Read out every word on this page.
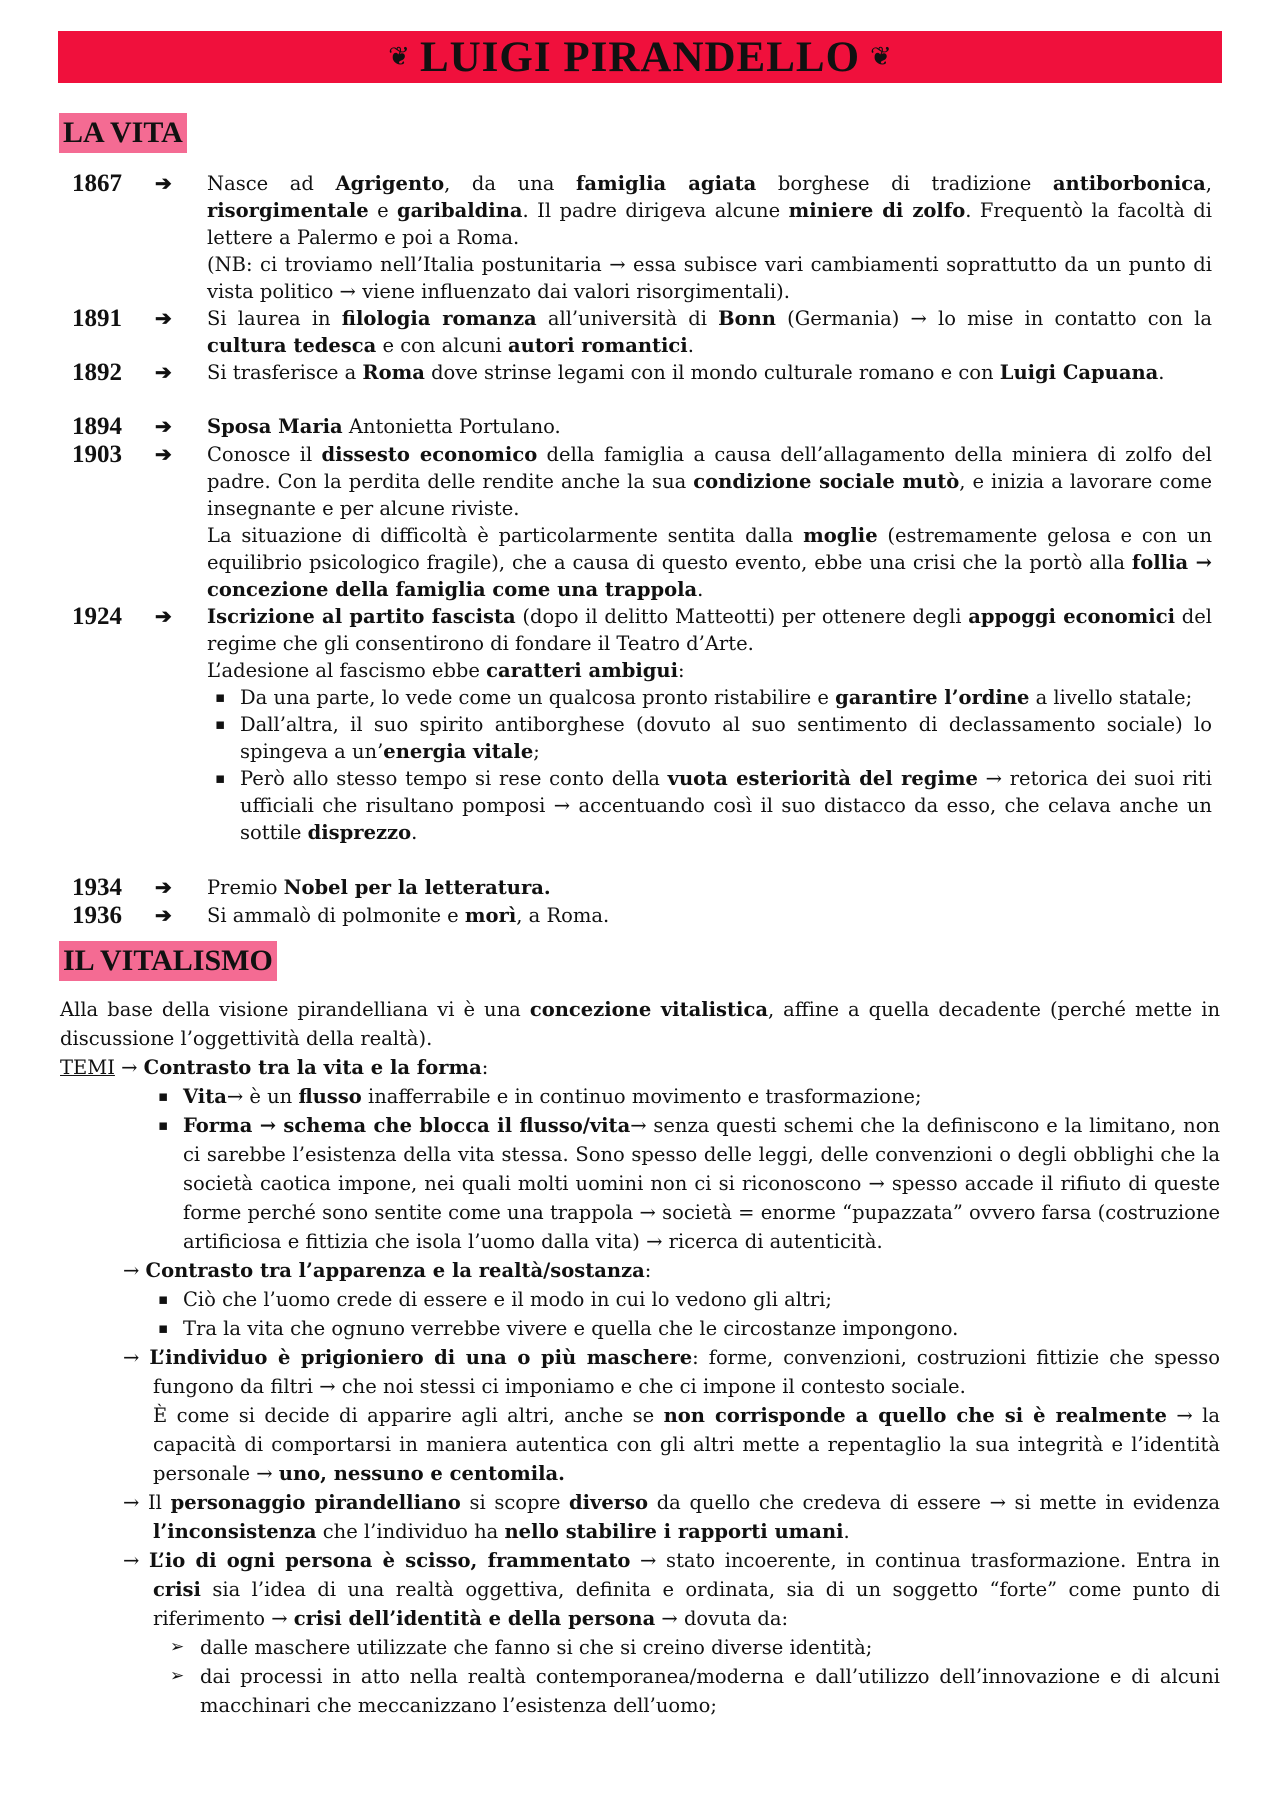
❦ LUIGI PIRANDELLO ❦
LA VITA
1867	➔ Nasce ad Agrigento, da una famiglia agiata borghese di tradizione antiborbonica, risorgimentale e garibaldina. Il padre dirigeva alcune miniere di zolfo. Frequentò la facoltà di lettere a Palermo e poi a Roma.

(NB: ci troviamo nell’Italia postunitaria → essa subisce vari cambiamenti soprattutto da un punto di vista politico → viene influenzato dai valori risorgimentali).

1891	➔ Si laurea in filologia romanza all’università di Bonn (Germania) → lo mise in contatto con la cultura tedesca e con alcuni autori romantici.

1892	➔ Si trasferisce a Roma dove strinse legami con il mondo culturale romano e con Luigi Capuana.

1894	➔ Sposa Maria Antonietta Portulano.

1903	➔ Conosce il dissesto economico della famiglia a causa dell’allagamento della miniera di zolfo del padre. Con la perdita delle rendite anche la sua condizione sociale mutò, e inizia a lavorare come insegnante e per alcune riviste.

La situazione di difficoltà è particolarmente sentita dalla moglie (estremamente gelosa e con un equilibrio psicologico fragile), che a causa di questo evento, ebbe una crisi che la portò alla follia → concezione della famiglia come una trappola.

1924	➔ Iscrizione al partito fascista (dopo il delitto Matteotti) per ottenere degli appoggi economici del regime che gli consentirono di fondare il Teatro d’Arte.

L’adesione al fascismo ebbe caratteri ambigui:

▪ Da una parte, lo vede come un qualcosa pronto ristabilire e garantire l’ordine a livello statale;
▪ Dall’altra, il suo spirito antiborghese (dovuto al suo sentimento di declassamento sociale) lo spingeva a un’energia vitale;
▪ Però allo stesso tempo si rese conto della vuota esteriorità del regime → retorica dei suoi riti ufficiali che risultano pomposi → accentuando così il suo distacco da esso, che celava anche un sottile disprezzo.
1934	➔ Premio Nobel per la letteratura.

1936	➔ Si ammalò di polmonite e morì, a Roma.

IL VITALISMO

Alla base della visione pirandelliana vi è una concezione vitalistica, affine a quella decadente (perché mette in discussione l’oggettività della realtà).

TEMI → Contrasto tra la vita e la forma:

▪ Vita→ è un flusso inafferrabile e in continuo movimento e trasformazione;
▪ Forma → schema che blocca il flusso/vita→ senza questi schemi che la definiscono e la limitano, non ci sarebbe l’esistenza della vita stessa. Sono spesso delle leggi, delle convenzioni o degli obblighi che la società caotica impone, nei quali molti uomini non ci si riconoscono → spesso accade il rifiuto di queste forme perché sono sentite come una trappola → società = enorme “pupazzata” ovvero farsa (costruzione artificiosa e fittizia che isola l’uomo dalla vita) → ricerca di autenticità.

→ Contrasto tra l’apparenza e la realtà/sostanza:

▪ Ciò che l’uomo crede di essere e il modo in cui lo vedono gli altri;
▪ Tra la vita che ognuno verrebbe vivere e quella che le circostanze impongono.

→ L’individuo è prigioniero di una o più maschere: forme, convenzioni, costruzioni fittizie che spesso fungono da filtri → che noi stessi ci imponiamo e che ci impone il contesto sociale.

È come si decide di apparire agli altri, anche se non corrisponde a quello che si è realmente → la capacità di comportarsi in maniera autentica con gli altri mette a repentaglio la sua integrità e l’identità personale → uno, nessuno e centomila.

→ Il personaggio pirandelliano si scopre diverso da quello che credeva di essere → si mette in evidenza l’inconsistenza che l’individuo ha nello stabilire i rapporti umani.

→ L’io di ogni persona è scisso, frammentato → stato incoerente, in continua trasformazione. Entra in crisi sia l’idea di una realtà oggettiva, definita e ordinata, sia di un soggetto “forte” come punto di riferimento → crisi dell’identità e della persona → dovuta da:

➢ dalle maschere utilizzate che fanno si che si creino diverse identità;
➢ dai processi in atto nella realtà contemporanea/moderna e dall’utilizzo dell’innovazione e di alcuni macchinari che meccanizzano l’esistenza dell’uomo;
